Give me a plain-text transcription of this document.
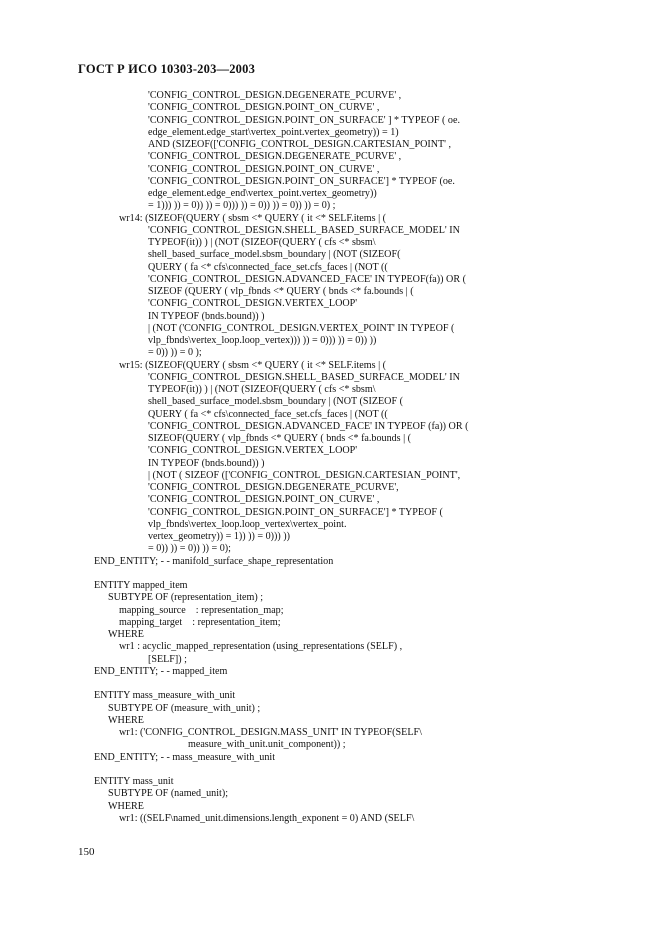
ГОСТ Р ИСО 10303-203—2003
'CONFIG_CONTROL_DESIGN.DEGENERATE_PCURVE' ,
'CONFIG_CONTROL_DESIGN.POINT_ON_CURVE' ,
'CONFIG_CONTROL_DESIGN.POINT_ON_SURFACE' ] * TYPEOF ( oe.
edge_element.edge_start\vertex_point.vertex_geometry)) = 1)
AND (SIZEOF(['CONFIG_CONTROL_DESIGN.CARTESIAN_POINT' ,
'CONFIG_CONTROL_DESIGN.DEGENERATE_PCURVE' ,
'CONFIG_CONTROL_DESIGN.POINT_ON_CURVE' ,
'CONFIG_CONTROL_DESIGN.POINT_ON_SURFACE'] * TYPEOF (oe.
edge_element.edge_end\vertex_point.vertex_geometry))
= 1))) )) = 0)) )) = 0))) )) = 0)) )) = 0)) )) = 0) ;
wr14: (SIZEOF(QUERY ( sbsm <* QUERY ( it <* SELF.items | (
'CONFIG_CONTROL_DESIGN.SHELL_BASED_SURFACE_MODEL' IN
TYPEOF(it)) ) | (NOT (SIZEOF(QUERY ( cfs <* sbsm\
shell_based_surface_model.sbsm_boundary | (NOT (SIZEOF(
QUERY ( fa <* cfs\connected_face_set.cfs_faces | (NOT ((
'CONFIG_CONTROL_DESIGN.ADVANCED_FACE' IN TYPEOF(fa)) OR (
SIZEOF (QUERY ( vlp_fbnds <* QUERY ( bnds <* fa.bounds | (
'CONFIG_CONTROL_DESIGN.VERTEX_LOOP'
IN TYPEOF (bnds.bound)) )
| (NOT ('CONFIG_CONTROL_DESIGN.VERTEX_POINT' IN TYPEOF (
vlp_fbnds\vertex_loop.loop_vertex))) )) = 0))) )) = 0)) ))
= 0)) )) = 0 );
wr15: (SIZEOF(QUERY ( sbsm <* QUERY ( it <* SELF.items | (
'CONFIG_CONTROL_DESIGN.SHELL_BASED_SURFACE_MODEL' IN
TYPEOF(it)) ) | (NOT (SIZEOF(QUERY ( cfs <* sbsm\
shell_based_surface_model.sbsm_boundary | (NOT (SIZEOF (
QUERY ( fa <* cfs\connected_face_set.cfs_faces | (NOT ((
'CONFIG_CONTROL_DESIGN.ADVANCED_FACE' IN TYPEOF (fa)) OR (
SIZEOF(QUERY ( vlp_fbnds <* QUERY ( bnds <* fa.bounds | (
'CONFIG_CONTROL_DESIGN.VERTEX_LOOP'
IN TYPEOF (bnds.bound)) )
| (NOT ( SIZEOF (['CONFIG_CONTROL_DESIGN.CARTESIAN_POINT',
'CONFIG_CONTROL_DESIGN.DEGENERATE_PCURVE',
'CONFIG_CONTROL_DESIGN.POINT_ON_CURVE' ,
'CONFIG_CONTROL_DESIGN.POINT_ON_SURFACE'] * TYPEOF (
vlp_fbnds\vertex_loop.loop_vertex\vertex_point.
vertex_geometry)) = 1)) )) = 0))) ))
= 0)) )) = 0)) )) = 0);
END_ENTITY; - - manifold_surface_shape_representation
ENTITY mapped_item
SUBTYPE OF (representation_item) ;
mapping_source    : representation_map;
mapping_target    : representation_item;
WHERE
wr1 : acyclic_mapped_representation (using_representations (SELF) ,
[SELF]) ;
END_ENTITY; - - mapped_item
ENTITY mass_measure_with_unit
SUBTYPE OF (measure_with_unit) ;
WHERE
wr1: ('CONFIG_CONTROL_DESIGN.MASS_UNIT' IN TYPEOF(SELF\
measure_with_unit.unit_component)) ;
END_ENTITY; - - mass_measure_with_unit
ENTITY mass_unit
SUBTYPE OF (named_unit);
WHERE
wr1: ((SELF\named_unit.dimensions.length_exponent = 0) AND (SELF\
150
